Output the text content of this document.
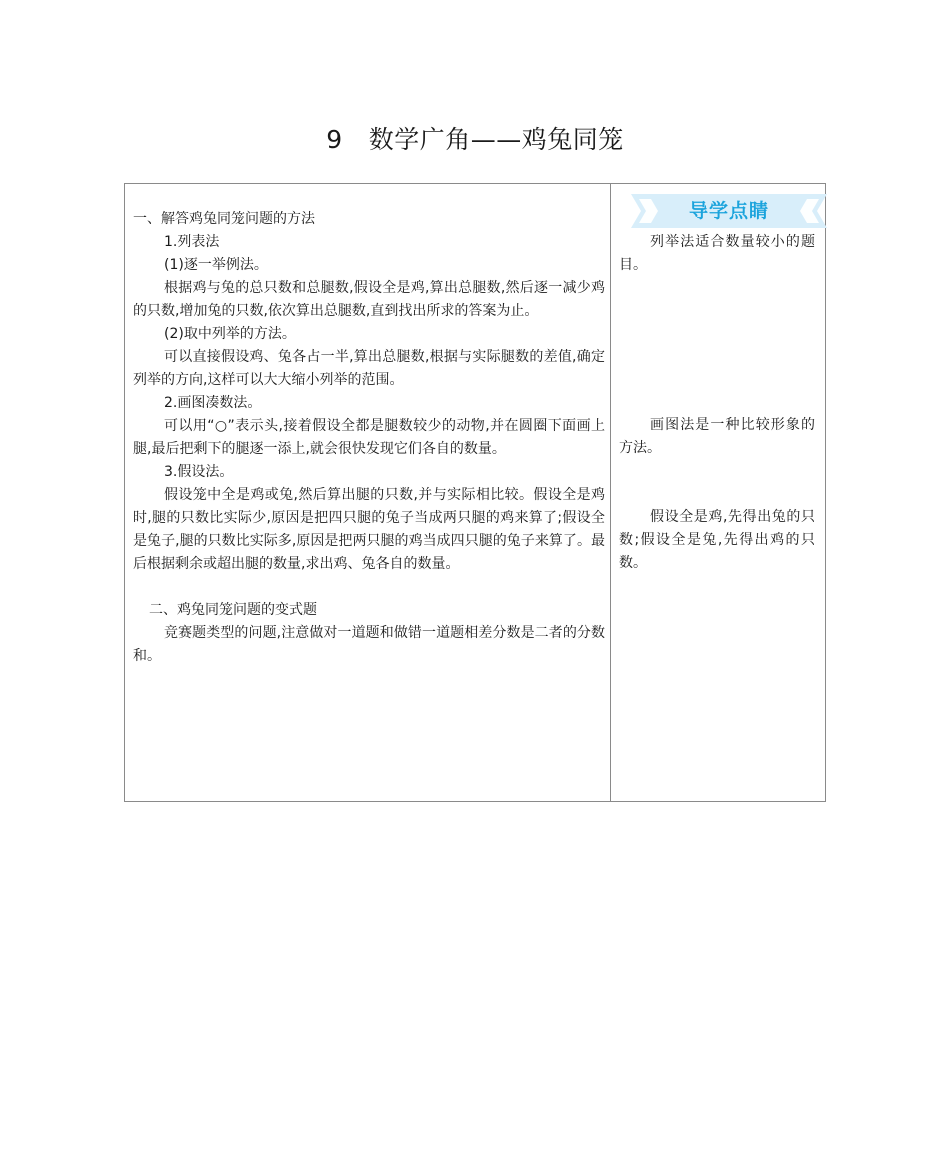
9 数学广角——鸡兔同笼

一、解答鸡兔同笼问题的方法

1.列表法

(1)逐一举例法。

根据鸡与兔的总只数和总腿数,假设全是鸡,算出总腿数,然后逐一减少鸡的只数,增加兔的只数,依次算出总腿数,直到找出所求的答案为止。

(2)取中列举的方法。

可以直接假设鸡、兔各占一半,算出总腿数,根据与实际腿数的差值,确定列举的方向,这样可以大大缩小列举的范围。

2.画图凑数法。

可以用“○”表示头,接着假设全都是腿数较少的动物,并在圆圈下面画上腿,最后把剩下的腿逐一添上,就会很快发现它们各自的数量。

3.假设法。

假设笼中全是鸡或兔,然后算出腿的只数,并与实际相比较。假设全是鸡时,腿的只数比实际少,原因是把四只腿的兔子当成两只腿的鸡来算了;假设全是兔子,腿的只数比实际多,原因是把两只腿的鸡当成四只腿的兔子来算了。最后根据剩余或超出腿的数量,求出鸡、兔各自的数量。

二、鸡兔同笼问题的变式题

竞赛题类型的问题,注意做对一道题和做错一道题相差分数是二者的分数和。

导学点睛

列举法适合数量较小的题目。

画图法是一种比较形象的方法。

假设全是鸡,先得出兔的只数;假设全是兔,先得出鸡的只数。
